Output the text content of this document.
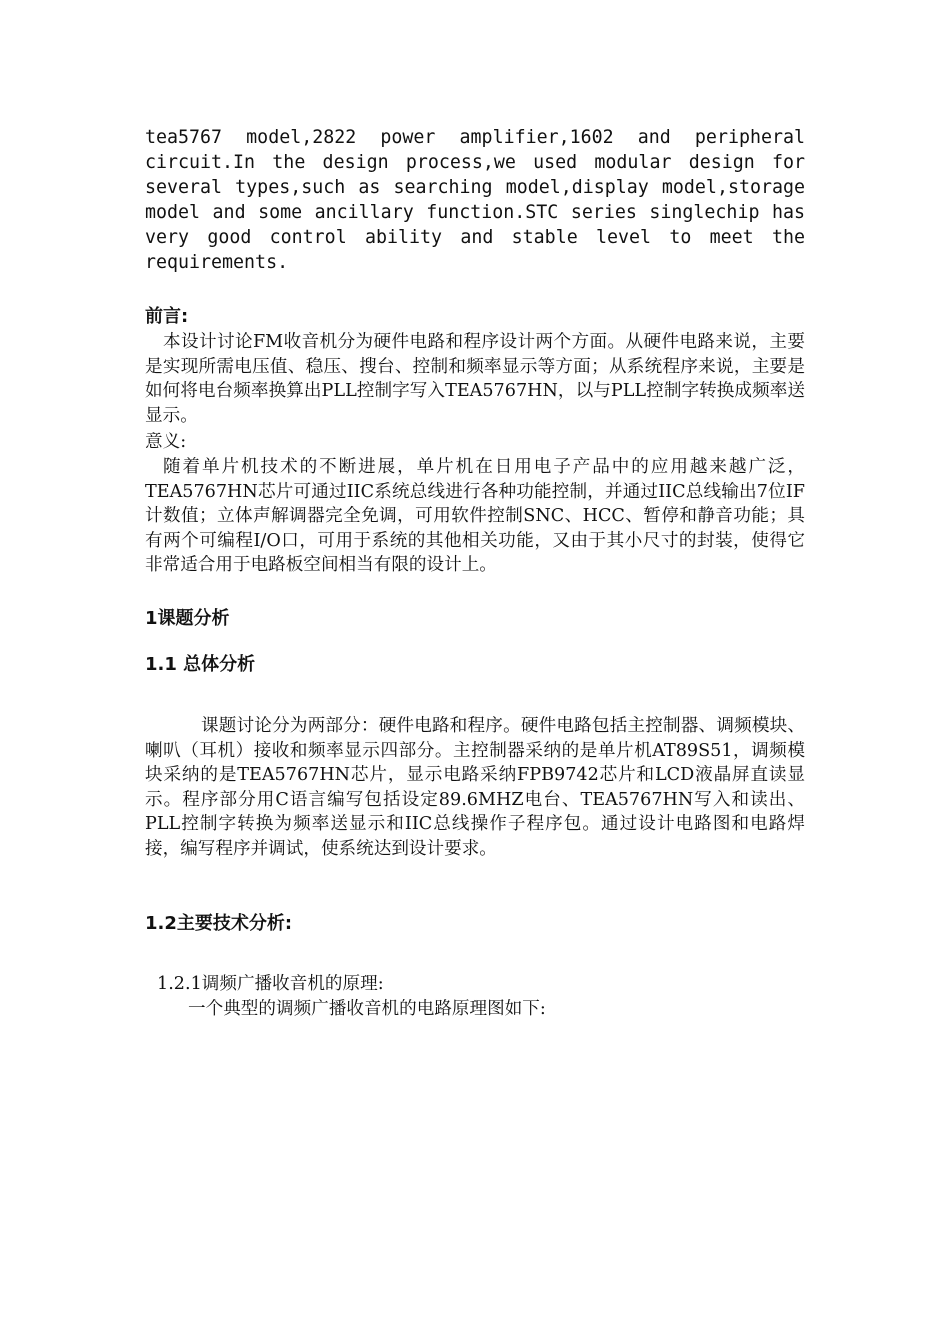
tea5767 model,2822 power amplifier,1602 and peripheral circuit.In the design process,we used modular design for several types,such as searching model,display model,storage model and some ancillary function.STC series singlechip has very good control ability and stable level to meet the requirements.

前言:

本设计讨论FM收音机分为硬件电路和程序设计两个方面。从硬件电路来说，主要是实现所需电压值、稳压、搜台、控制和频率显示等方面；从系统程序来说，主要是如何将电台频率换算出PLL控制字写入TEA5767HN，以与PLL控制字转换成频率送显示。

意义:

随着单片机技术的不断进展，单片机在日用电子产品中的应用越来越广泛，TEA5767HN芯片可通过IIC系统总线进行各种功能控制，并通过IIC总线输出7位IF计数值；立体声解调器完全免调，可用软件控制SNC、HCC、暂停和静音功能；具有两个可编程I/O口，可用于系统的其他相关功能，又由于其小尺寸的封装，使得它非常适合用于电路板空间相当有限的设计上。

1课题分析
1.1 总体分析

课题讨论分为两部分：硬件电路和程序。硬件电路包括主控制器、调频模块、喇叭（耳机）接收和频率显示四部分。主控制器采纳的是单片机AT89S51，调频模块采纳的是TEA5767HN芯片，显示电路采纳FPB9742芯片和LCD液晶屏直读显示。程序部分用C语言编写包括设定89.6MHZ电台、TEA5767HN写入和读出、PLL控制字转换为频率送显示和IIC总线操作子程序包。通过设计电路图和电路焊接，编写程序并调试，使系统达到设计要求。

1.2主要技术分析:
1.2.1调频广播收音机的原理:
一个典型的调频广播收音机的电路原理图如下:
